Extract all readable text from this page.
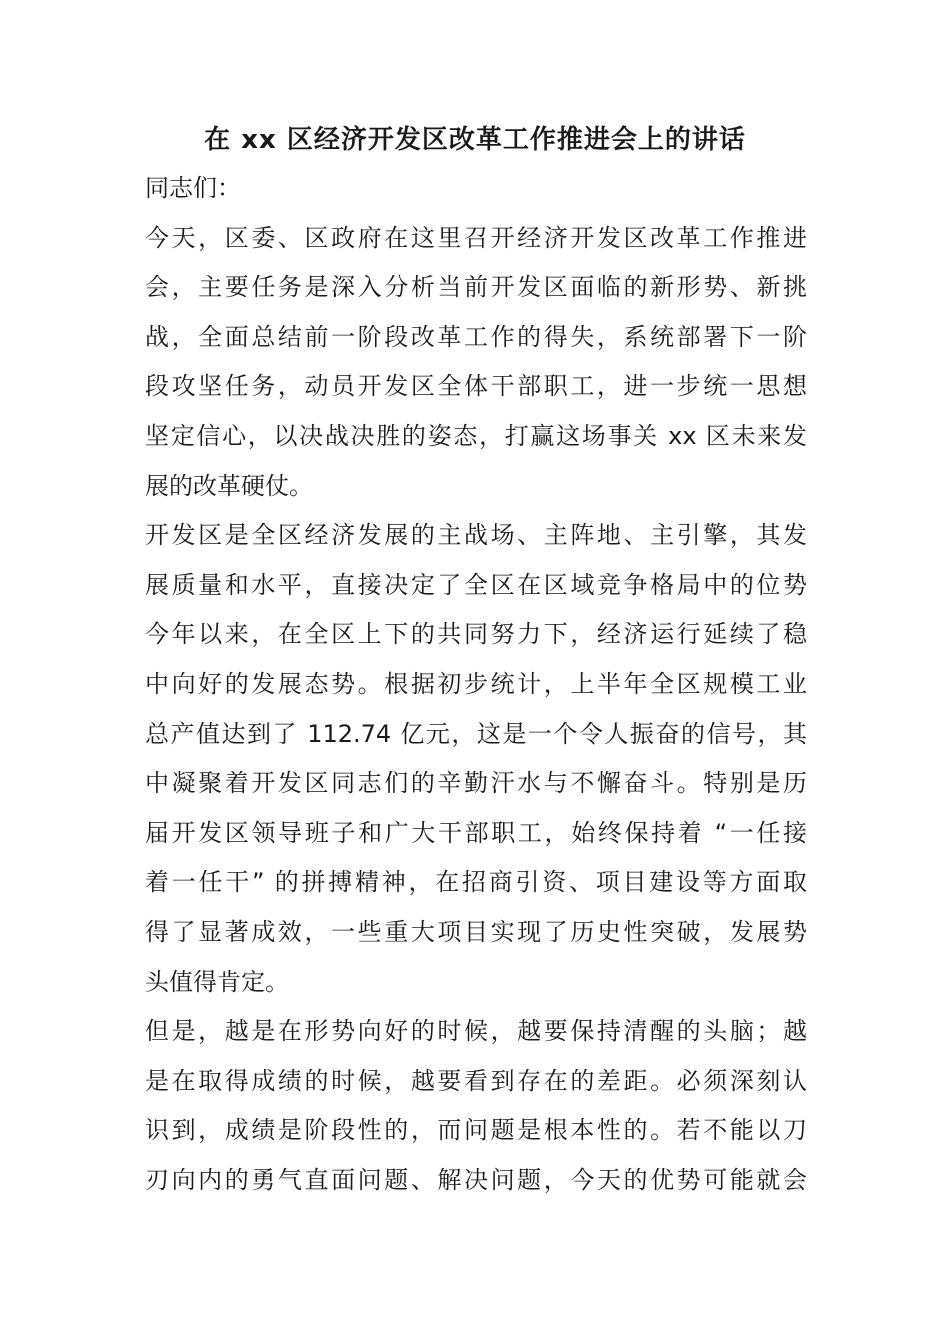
在 xx 区经济开发区改革工作推进会上的讲话
同志们：
今天，区委、区政府在这里召开经济开发区改革工作推进
会，主要任务是深入分析当前开发区面临的新形势、新挑
战，全面总结前一阶段改革工作的得失，系统部署下一阶
段攻坚任务，动员开发区全体干部职工，进一步统一思想
坚定信心，以决战决胜的姿态，打赢这场事关 xx 区未来发
展的改革硬仗。
开发区是全区经济发展的主战场、主阵地、主引擎，其发
展质量和水平，直接决定了全区在区域竞争格局中的位势
今年以来，在全区上下的共同努力下，经济运行延续了稳
中向好的发展态势。根据初步统计，上半年全区规模工业
总产值达到了 112.74 亿元，这是一个令人振奋的信号，其
中凝聚着开发区同志们的辛勤汗水与不懈奋斗。特别是历
届开发区领导班子和广大干部职工，始终保持着 “一任接
着一任干” 的拼搏精神，在招商引资、项目建设等方面取
得了显著成效，一些重大项目实现了历史性突破，发展势
头值得肯定。
但是，越是在形势向好的时候，越要保持清醒的头脑；越
是在取得成绩的时候，越要看到存在的差距。必须深刻认
识到，成绩是阶段性的，而问题是根本性的。若不能以刀
刃向内的勇气直面问题、解决问题，今天的优势可能就会
